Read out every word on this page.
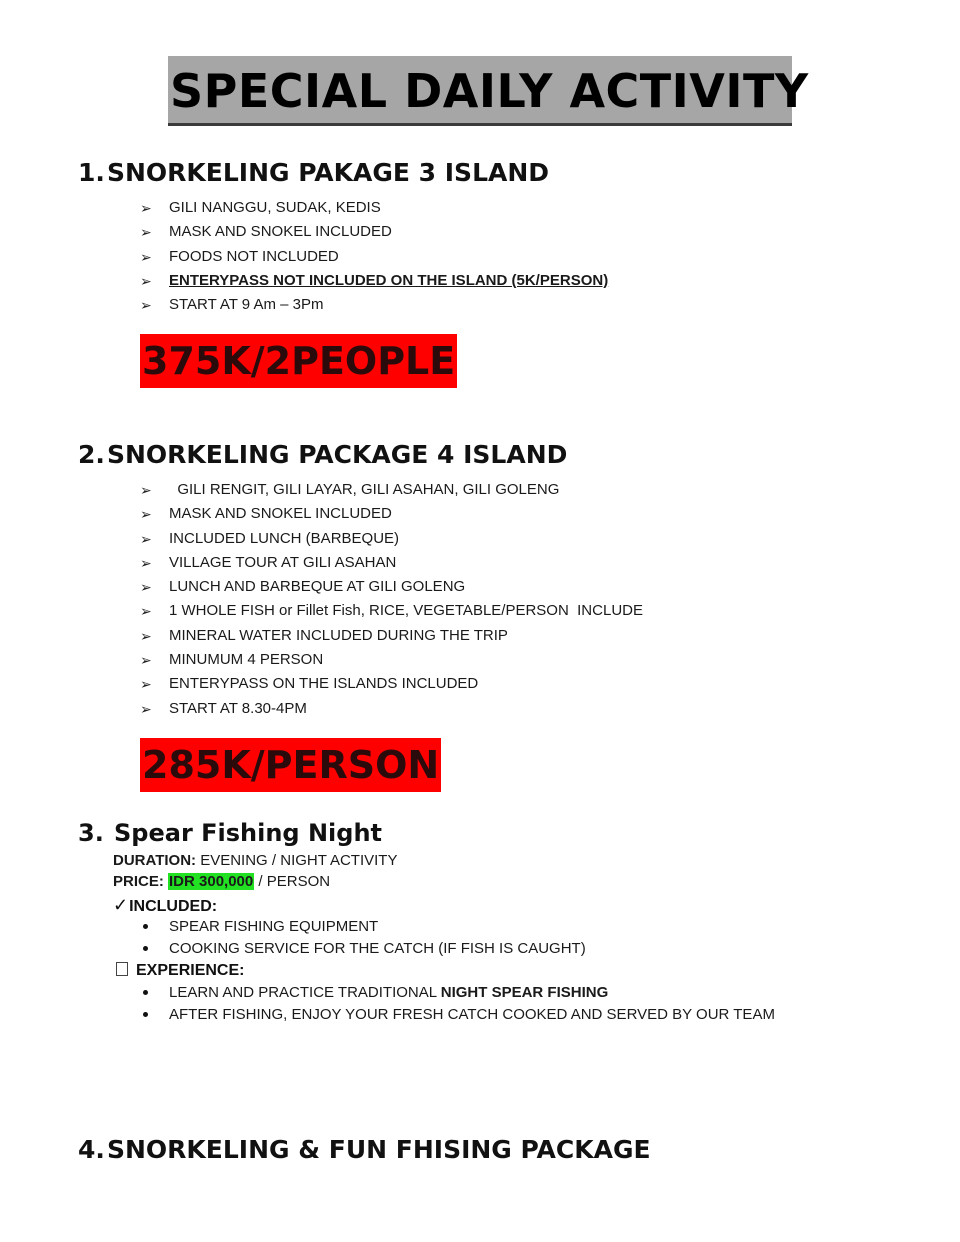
SPECIAL DAILY ACTIVITY
1.SNORKELING PAKAGE 3 ISLAND
➢ GILI NANGGU, SUDAK, KEDIS
➢ MASK AND SNOKEL INCLUDED
➢ FOODS NOT INCLUDED
➢ ENTERYPASS NOT INCLUDED ON THE ISLAND (5K/PERSON)
➢ START AT 9 Am – 3Pm
375K/2PEOPLE
2.SNORKELING PACKAGE 4 ISLAND
➢ GILI RENGIT, GILI LAYAR, GILI ASAHAN, GILI GOLENG
➢ MASK AND SNOKEL INCLUDED
➢ INCLUDED LUNCH (BARBEQUE)
➢ VILLAGE TOUR AT GILI ASAHAN
➢ LUNCH AND BARBEQUE AT GILI GOLENG
➢ 1 WHOLE FISH or Fillet Fish, RICE, VEGETABLE/PERSON  INCLUDE
➢ MINERAL WATER INCLUDED DURING THE TRIP
➢ MINUMUM 4 PERSON
➢ ENTERYPASS ON THE ISLANDS INCLUDED
➢ START AT 8.30-4PM
285K/PERSON
3. Spear Fishing Night
DURATION: EVENING / NIGHT ACTIVITY
PRICE: IDR 300,000 / PERSON
✓INCLUDED:
SPEAR FISHING EQUIPMENT
COOKING SERVICE FOR THE CATCH (IF FISH IS CAUGHT)
EXPERIENCE:
LEARN AND PRACTICE TRADITIONAL NIGHT SPEAR FISHING
AFTER FISHING, ENJOY YOUR FRESH CATCH COOKED AND SERVED BY OUR TEAM
4.SNORKELING & FUN FHISING PACKAGE
